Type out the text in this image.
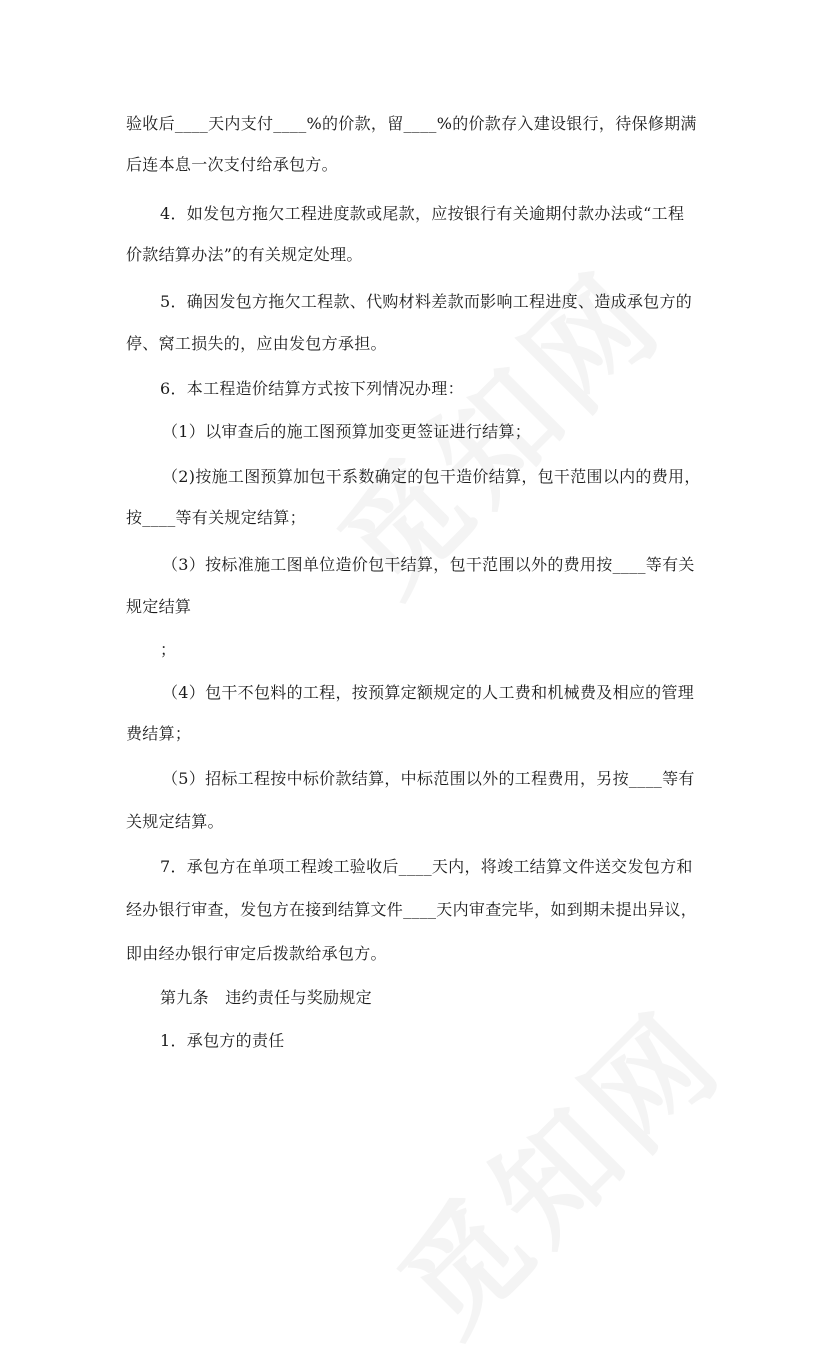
验收后____天内支付____%的价款，留____%的价款存入建设银行，待保修期满
后连本息一次支付给承包方。
4．如发包方拖欠工程进度款或尾款，应按银行有关逾期付款办法或“工程
价款结算办法”的有关规定处理。
5．确因发包方拖欠工程款、代购材料差款而影响工程进度、造成承包方的
停、窝工损失的，应由发包方承担。
6．本工程造价结算方式按下列情况办理：
（1）以审查后的施工图预算加变更签证进行结算；
（2)按施工图预算加包干系数确定的包干造价结算，包干范围以内的费用，
按____等有关规定结算；
（3）按标准施工图单位造价包干结算，包干范围以外的费用按____等有关
规定结算
；
（4）包干不包料的工程，按预算定额规定的人工费和机械费及相应的管理
费结算；
（5）招标工程按中标价款结算，中标范围以外的工程费用，另按____等有
关规定结算。
7．承包方在单项工程竣工验收后____天内，将竣工结算文件送交发包方和
经办银行审查，发包方在接到结算文件____天内审查完毕，如到期未提出异议，
即由经办银行审定后拨款给承包方。
第九条　违约责任与奖励规定
1．承包方的责任
